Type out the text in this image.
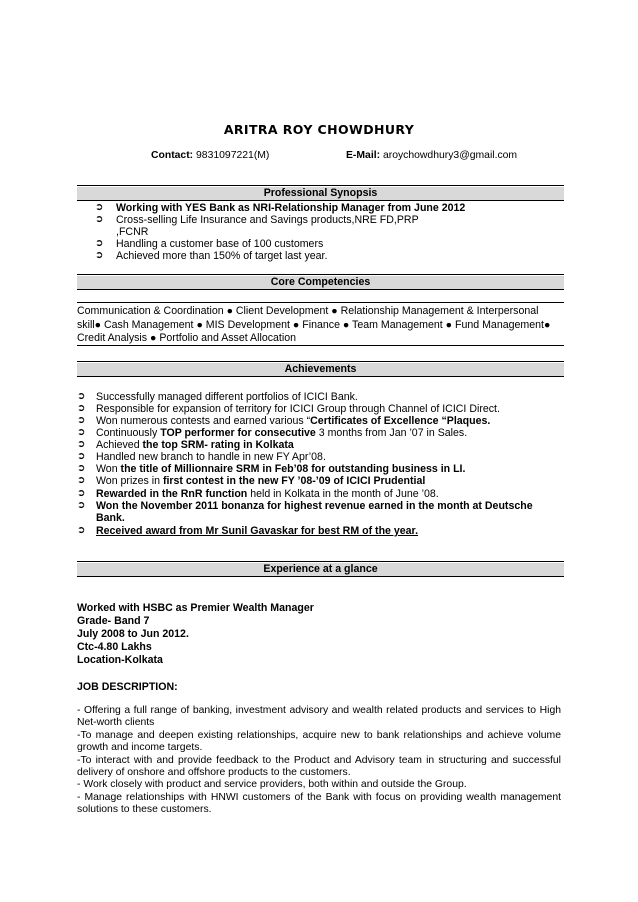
ARITRA ROY CHOWDHURY
Contact: 9831097221(M)	E-Mail: aroychowdhury3@gmail.com
Professional Synopsis
➲	Working with YES Bank as NRI-Relationship Manager from June 2012
➲	Cross-selling Life Insurance and Savings products,NRE FD,PRP
,FCNR
➲	Handling a customer base of 100 customers
➲	Achieved more than 150% of target last year.
Core Competencies
Communication & Coordination ● Client Development ● Relationship Management & Interpersonal
skill● Cash Management ● MIS Development ● Finance ● Team Management ● Fund Management●
Credit Analysis ● Portfolio and Asset Allocation
Achievements
➲	Successfully managed different portfolios of ICICI Bank.
➲	Responsible for expansion of territory for ICICI Group through Channel of ICICI Direct.
➲	Won numerous contests and earned various “Certificates of Excellence “Plaques.
➲	Continuously TOP performer for consecutive 3 months from Jan ’07 in Sales.
➲	Achieved the top SRM- rating in Kolkata
➲	Handled new branch to handle in new FY Apr’08.
➲	Won the title of Millionnaire SRM in Feb’08 for outstanding business in LI.
➲	Won prizes in first contest in the new FY ’08-’09 of ICICI Prudential
➲	Rewarded in the RnR function held in Kolkata in the month of June ’08.
➲	Won the November 2011 bonanza for highest revenue earned in the month at Deutsche
Bank.
➲	Received award from Mr Sunil Gavaskar for best RM of the year.
Experience at a glance
Worked with HSBC as Premier Wealth Manager
Grade- Band 7
July 2008 to Jun 2012.
Ctc-4.80 Lakhs
Location-Kolkata
JOB DESCRIPTION:

- Offering a full range of banking, investment advisory and wealth related products and services to High Net-worth clients

-To manage and deepen existing relationships, acquire new to bank relationships and achieve volume growth and income targets.

-To interact with and provide feedback to the Product and Advisory team in structuring and successful delivery of onshore and offshore products to the customers.

- Work closely with product and service providers, both within and outside the Group.

- Manage relationships with HNWI customers of the Bank with focus on providing wealth management solutions to these customers.
